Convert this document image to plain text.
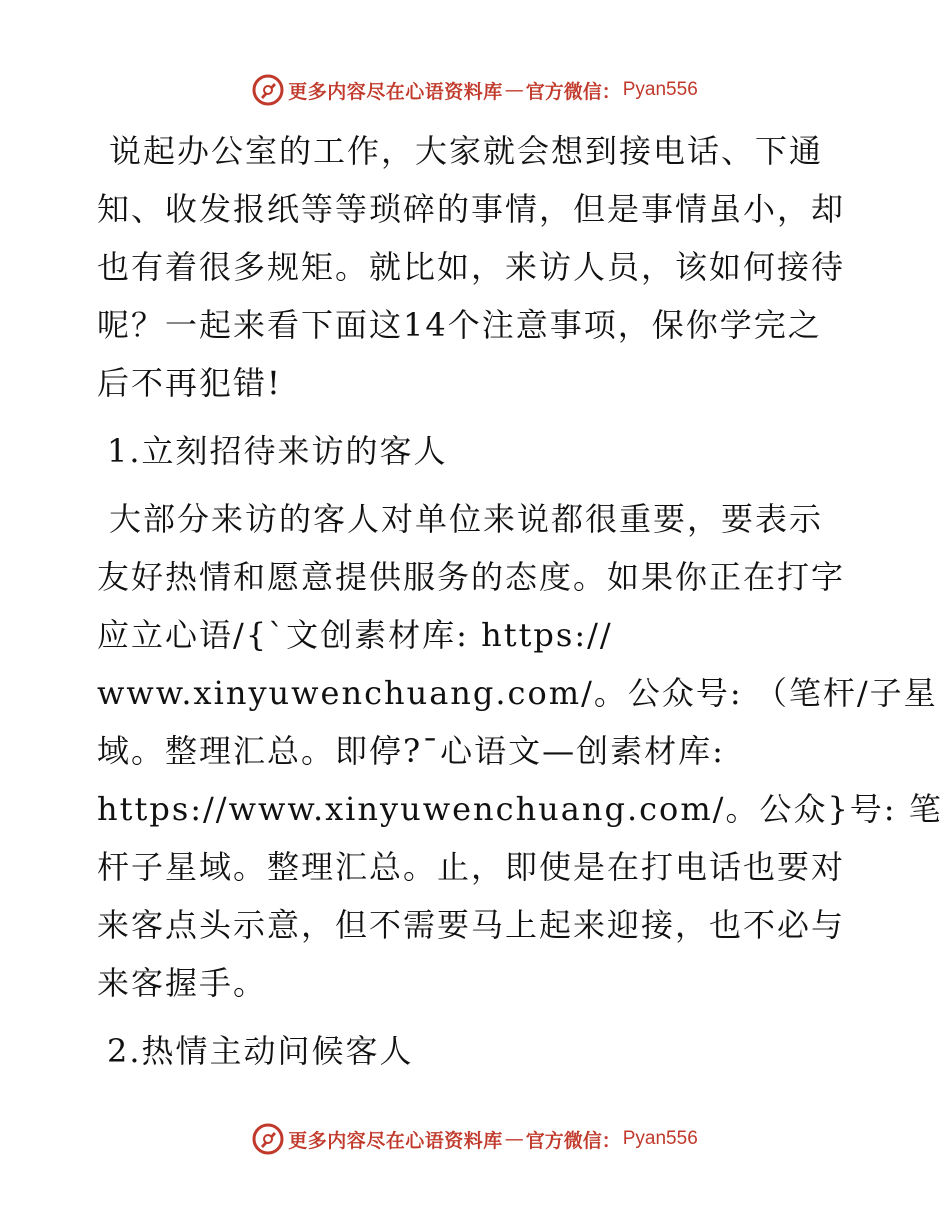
更多内容尽在心语资料库 — 官方微信： Pyan556
说起办公室的工作，大家就会想到接电话、下通
知、收发报纸等等琐碎的事情，但是事情虽小，却
也有着很多规矩。就比如，来访人员，该如何接待
呢？一起来看下面这14个注意事项，保你学完之
后不再犯错!
1.立刻招待来访的客人
大部分来访的客人对单位来说都很重要，要表示
友好热情和愿意提供服务的态度。如果你正在打字
应立心语/{`文创素材库: https://
www.xinyuwenchuang.com/。公众号: （笔杆/子星
域。整理汇总。即停?¯心语文—创素材库:
https://www.xinyuwenchuang.com/。公众}号: 笔
杆子星域。整理汇总。止，即使是在打电话也要对
来客点头示意，但不需要马上起来迎接，也不必与
来客握手。
2.热情主动问候客人
更多内容尽在心语资料库 — 官方微信： Pyan556
